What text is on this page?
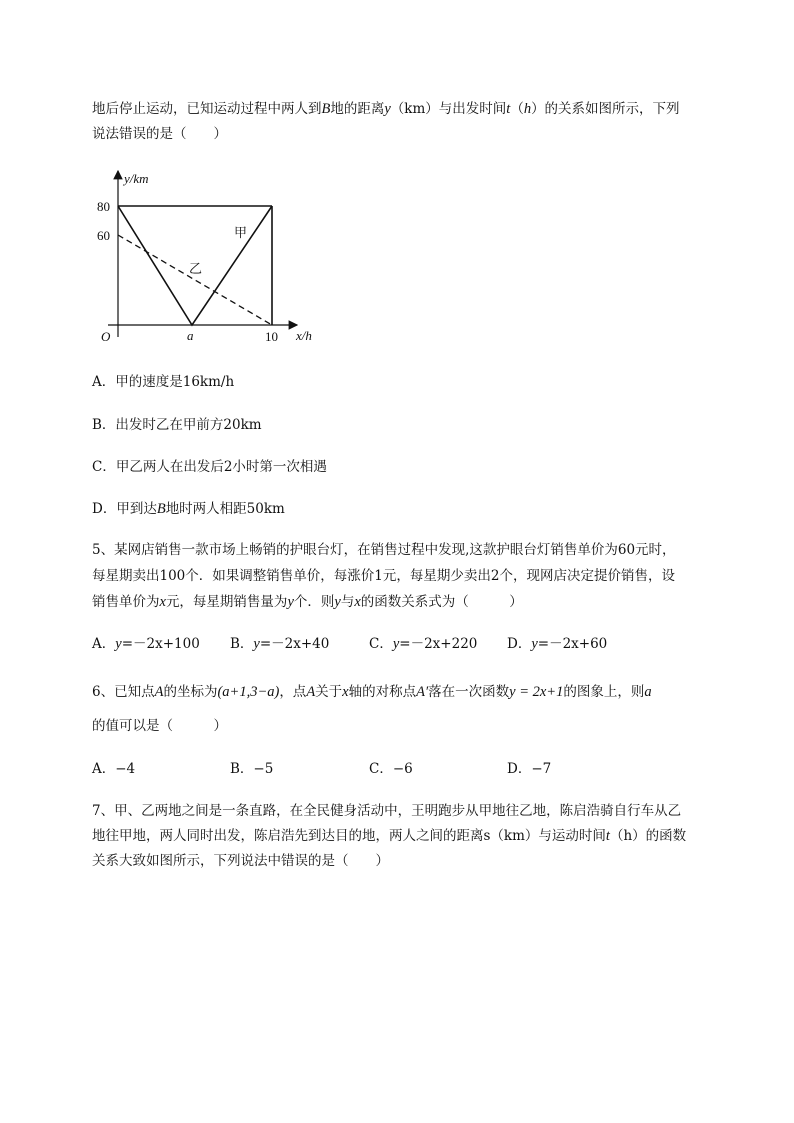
地后停止运动，已知运动过程中两人到B地的距离y（km）与出发时间t（h）的关系如图所示，下列
说法错误的是（　　）
y/km
x/h
O
80
60
a	10
甲
乙
A．甲的速度是16km/h
B．出发时乙在甲前方20km
C．甲乙两人在出发后2小时第一次相遇
D．甲到达B地时两人相距50km
5、某网店销售一款市场上畅销的护眼台灯，在销售过程中发现,这款护眼台灯销售单价为60元时，
每星期卖出100个．如果调整销售单价，每涨价1元，每星期少卖出2个，现网店决定提价销售，设
销售单价为x元，每星期销售量为y个．则y与x的函数关系式为（　　　）
A．y=－2x+100 B．y=－2x+40	C．y=－2x+220 D．y=－2x+60
6、已知点A的坐标为(a+1,3−a)，点A关于x轴的对称点A′落在一次函数y = 2x+1的图象上，则a
的值可以是（　　　）
A．−4	B．−5	C．−6	D．−7
7、甲、乙两地之间是一条直路，在全民健身活动中，王明跑步从甲地往乙地，陈启浩骑自行车从乙
地往甲地，两人同时出发，陈启浩先到达目的地，两人之间的距离s（km）与运动时间t（h）的函数
关系大致如图所示，下列说法中错误的是（　　）
